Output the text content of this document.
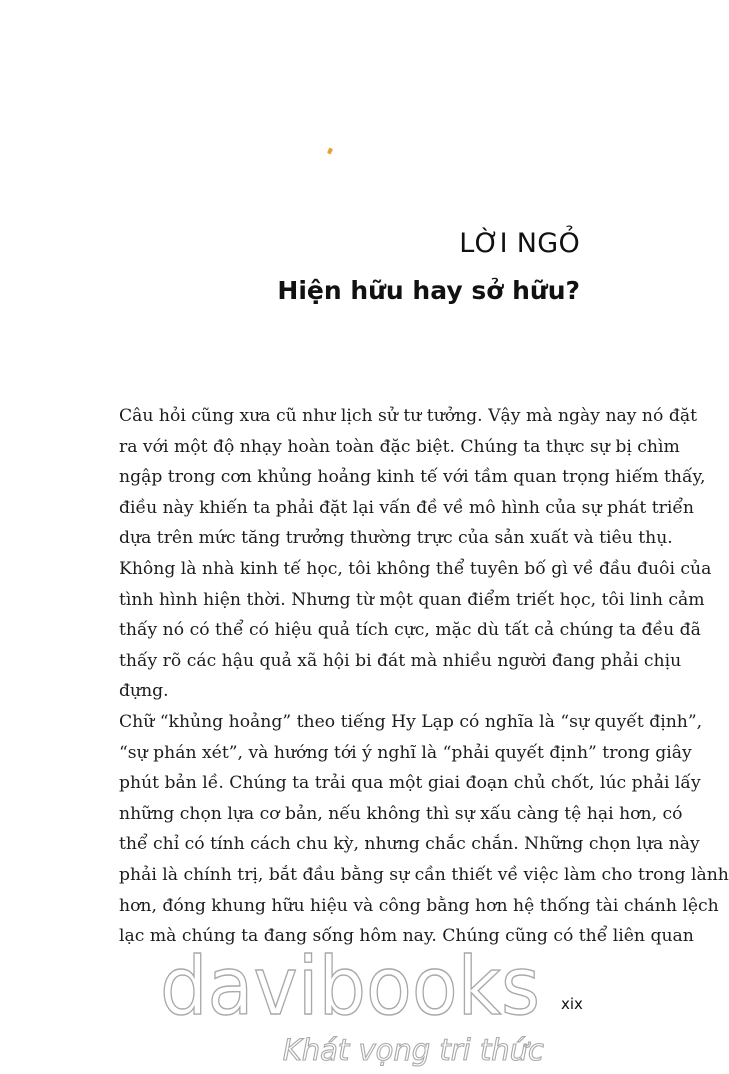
LỜI NGỎ
Hiện hữu hay sở hữu?
Câu hỏi cũng xưa cũ như lịch sử tư tưởng. Vậy mà ngày nay nó đặt
ra với một độ nhạy hoàn toàn đặc biệt. Chúng ta thực sự bị chìm
ngập trong cơn khủng hoảng kinh tế với tầm quan trọng hiếm thấy,
điều này khiến ta phải đặt lại vấn đề về mô hình của sự phát triển
dựa trên mức tăng trưởng thường trực của sản xuất và tiêu thụ.
Không là nhà kinh tế học, tôi không thể tuyên bố gì về đầu đuôi của
tình hình hiện thời. Nhưng từ một quan điểm triết học, tôi linh cảm
thấy nó có thể có hiệu quả tích cực, mặc dù tất cả chúng ta đều đã
thấy rõ các hậu quả xã hội bi đát mà nhiều người đang phải chịu
đựng.
Chữ “khủng hoảng” theo tiếng Hy Lạp có nghĩa là “sự quyết định”,
“sự phán xét”, và hướng tới ý nghĩ là “phải quyết định” trong giây
phút bản lề. Chúng ta trải qua một giai đoạn chủ chốt, lúc phải lấy
những chọn lựa cơ bản, nếu không thì sự xấu càng tệ hại hơn, có
thể chỉ có tính cách chu kỳ, nhưng chắc chắn. Những chọn lựa này
phải là chính trị, bắt đầu bằng sự cần thiết về việc làm cho trong lành
hơn, đóng khung hữu hiệu và công bằng hơn hệ thống tài chánh lệch
lạc mà chúng ta đang sống hôm nay. Chúng cũng có thể liên quan
davibooks
Khát vọng tri thức
xix
